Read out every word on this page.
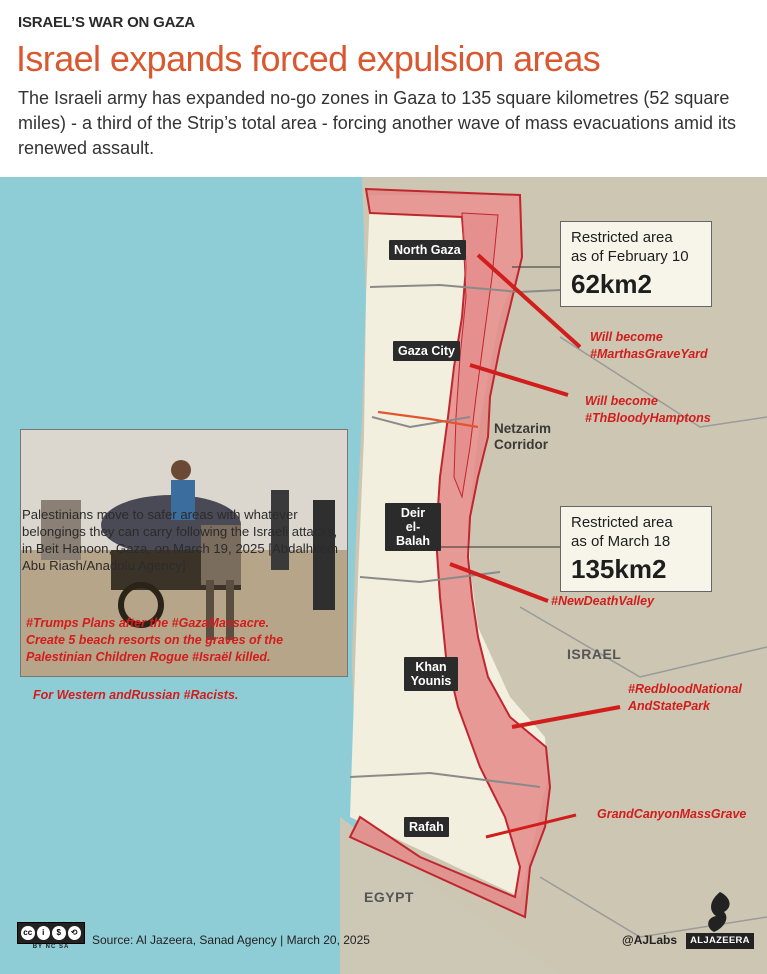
ISRAEL’S WAR ON GAZA
Israel expands forced expulsion areas
The Israeli army has expanded no-go zones in Gaza to 135 square kilometres (52 square miles) - a third of the Strip’s total area - forcing another wave of mass evacuations amid its renewed assault.
North Gaza
Gaza City
Deir
el-Balah
Khan
Younis
Rafah
Netzarim
Corridor
ISRAEL
EGYPT
Restricted area
as of February 10
62km2
Restricted area
as of March 18
135km2
Will become
#MarthasGraveYard
Will become
#ThBloodyHamptons
#NewDeathValley
#RedbloodNational
AndStatePark
GrandCanyonMassGrave
#Trumps Plans after the #GazaMassacre.
Create 5 beach resorts on the graves of the
Palestinian Children Rogue #Israël killed.
For Western andRussian #Racists.
Palestinians move to safer areas with whatever belongings they can carry following the Israeli attacks, in Beit Hanoon, Gaza, on March 19, 2025 [Abdalhkem Abu Riash/Anadolu Agency]
cc	i	$	⟲
BY NC SA	Source: Al Jazeera, Sanad Agency | March 20, 2025	@AJLabs	ALJAZEERA
